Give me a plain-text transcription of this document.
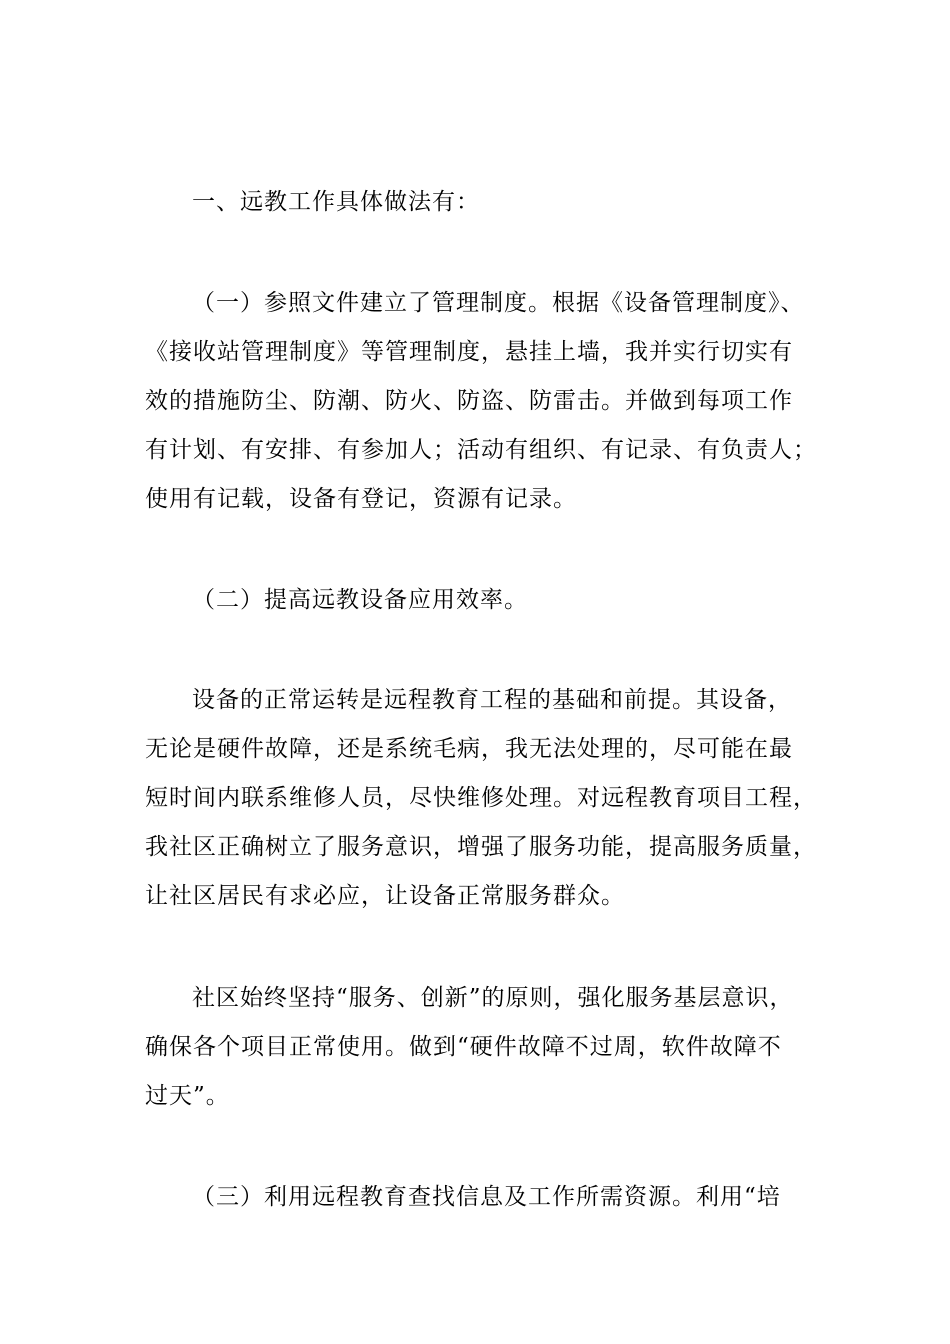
一、远教工作具体做法有：
（一）参照文件建立了管理制度。根据《设备管理制度》、
《接收站管理制度》等管理制度，悬挂上墙，我并实行切实有
效的措施防尘、防潮、防火、防盗、防雷击。并做到每项工作
有计划、有安排、有参加人；活动有组织、有记录、有负责人；
使用有记载，设备有登记，资源有记录。
（二）提高远教设备应用效率。
设备的正常运转是远程教育工程的基础和前提。其设备，
无论是硬件故障，还是系统毛病，我无法处理的，尽可能在最
短时间内联系维修人员，尽快维修处理。对远程教育项目工程，
我社区正确树立了服务意识，增强了服务功能，提高服务质量，
让社区居民有求必应，让设备正常服务群众。
社区始终坚持“服务、创新”的原则，强化服务基层意识，
确保各个项目正常使用。做到“硬件故障不过周，软件故障不
过天”。
（三）利用远程教育查找信息及工作所需资源。利用“培
